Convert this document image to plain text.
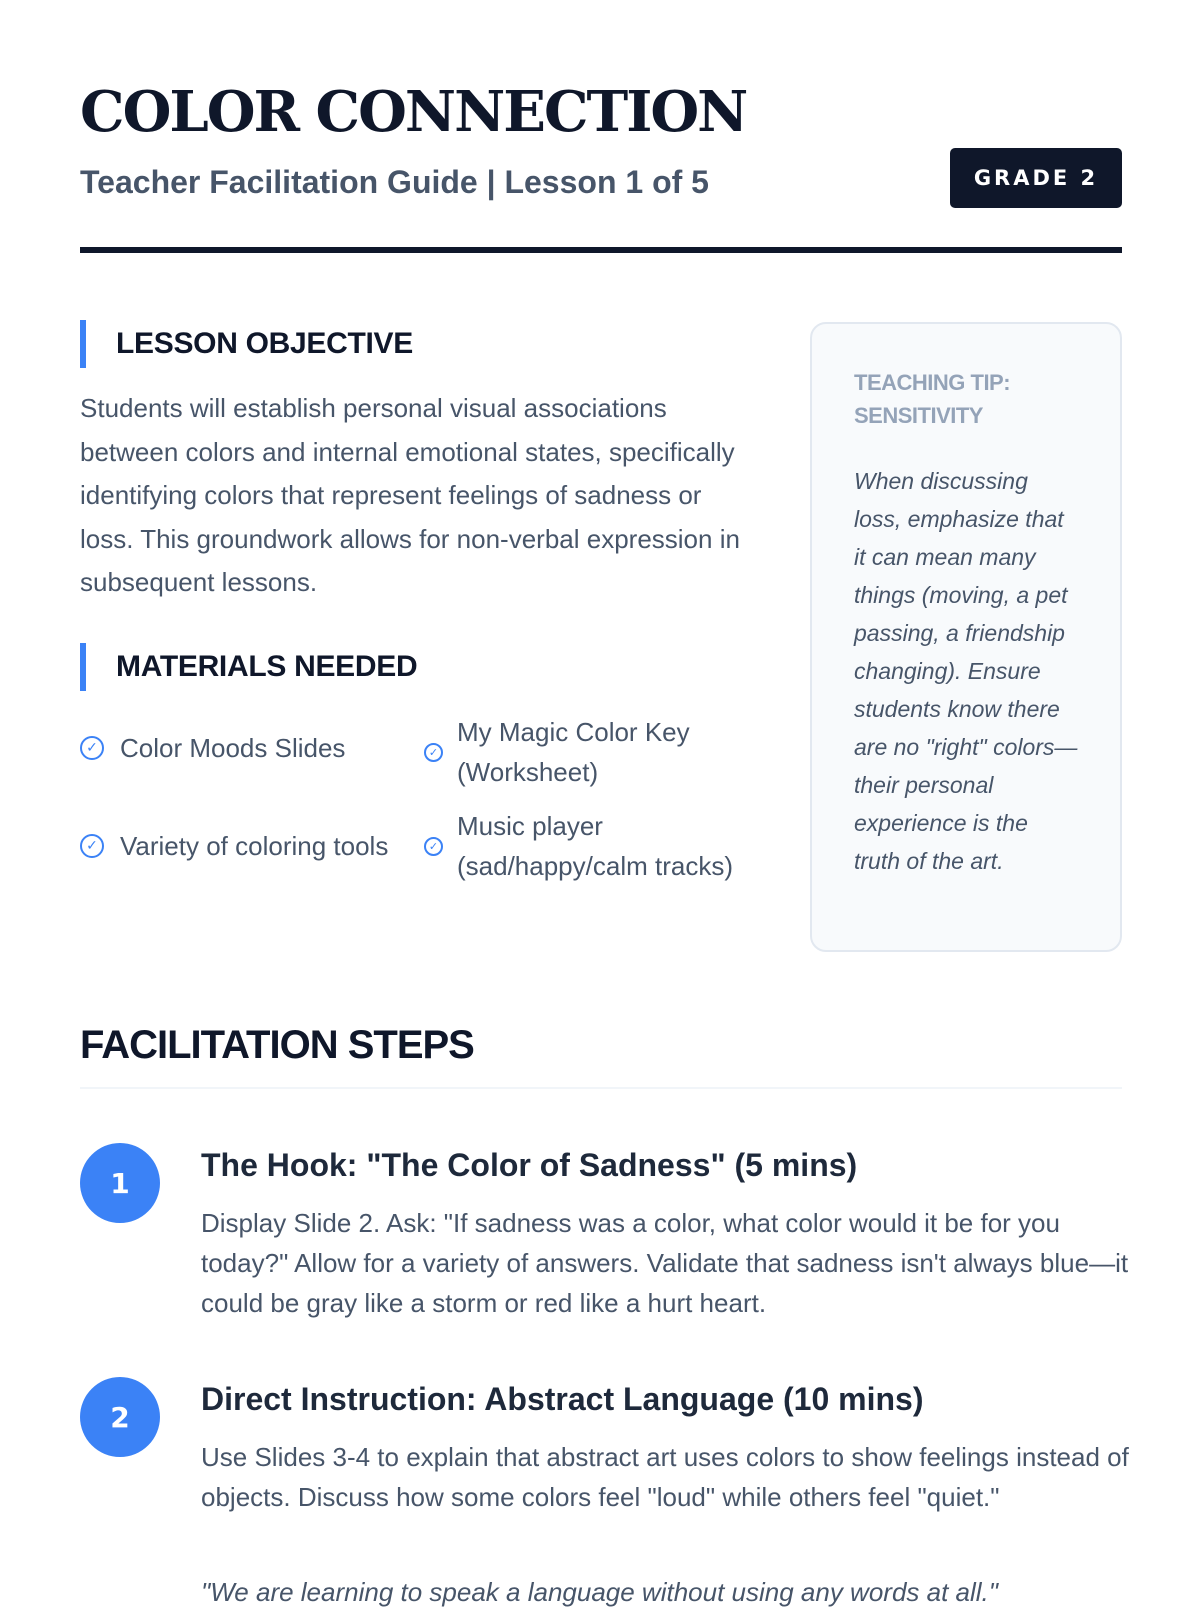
COLOR CONNECTION
Teacher Facilitation Guide | Lesson 1 of 5	GRADE 2
LESSON OBJECTIVE

Students will establish personal visual associations between colors and internal emotional states, specifically identifying colors that represent feelings of sadness or loss. This groundwork allows for non-verbal expression in subsequent lessons.

MATERIALS NEEDED
✓ Color Moods Slides	✓
My Magic Color Key (Worksheet)
✓ Variety of coloring tools	✓
Music player (sad/happy/calm tracks)
TEACHING TIP: SENSITIVITY

When discussing loss, emphasize that it can mean many things (moving, a pet passing, a friendship changing). Ensure students know there are no "right" colors—their personal experience is the truth of the art.

FACILITATION STEPS
1	The Hook: "The Color of Sadness" (5 mins)

Display Slide 2. Ask: "If sadness was a color, what color would it be for you today?" Allow for a variety of answers. Validate that sadness isn't always blue—it could be gray like a storm or red like a hurt heart.

2	Direct Instruction: Abstract Language (10 mins)

Use Slides 3-4 to explain that abstract art uses colors to show feelings instead of objects. Discuss how some colors feel "loud" while others feel "quiet."

"We are learning to speak a language without using any words at all."
